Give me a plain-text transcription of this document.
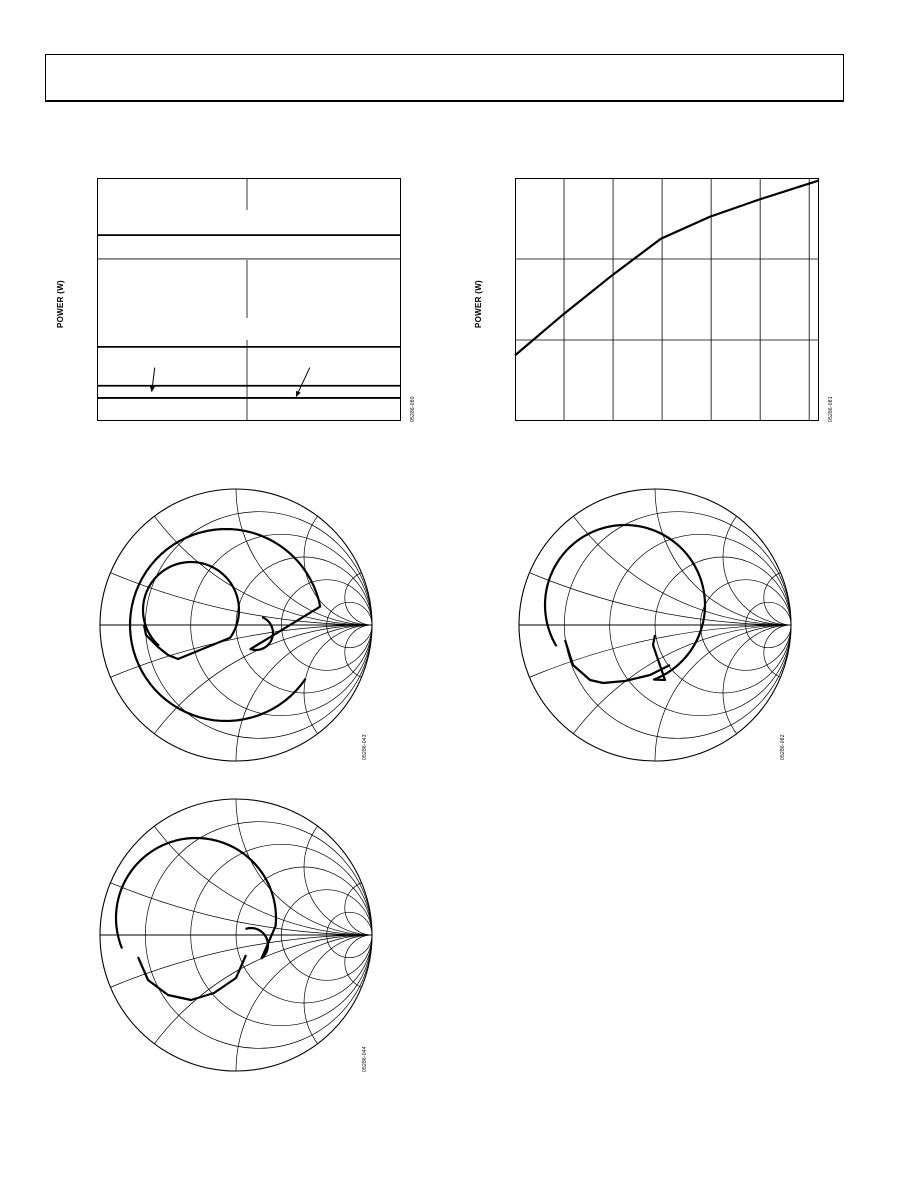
POWER (W)
05286-080
POWER (W)
05286-081
05286-043	05286-082
05286-044
